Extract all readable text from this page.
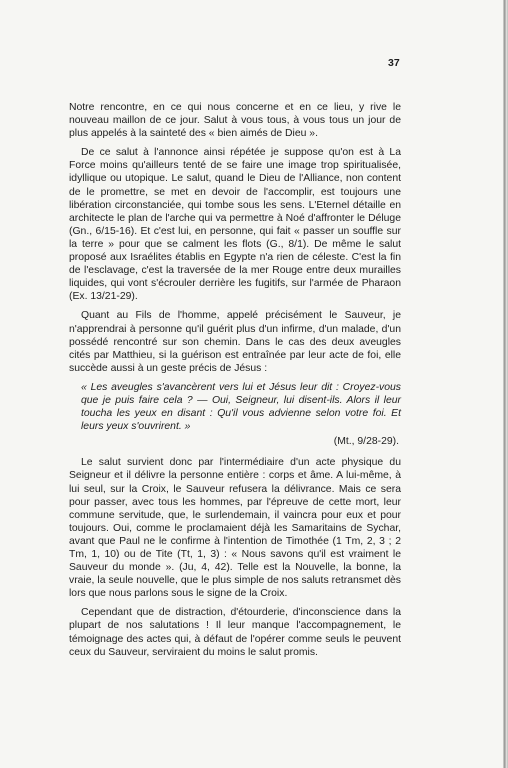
37

Notre rencontre, en ce qui nous concerne et en ce lieu, y rive le nouveau maillon de ce jour. Salut à vous tous, à vous tous un jour de plus appelés à la sainteté des « bien aimés de Dieu ».

De ce salut à l'annonce ainsi répétée je suppose qu'on est à La Force moins qu'ailleurs tenté de se faire une image trop spiritualisée, idyllique ou utopique. Le salut, quand le Dieu de l'Alliance, non content de le promettre, se met en devoir de l'accomplir, est toujours une libération circonstanciée, qui tombe sous les sens. L'Eternel détaille en architecte le plan de l'arche qui va permettre à Noé d'affronter le Déluge (Gn., 6/15-16). Et c'est lui, en personne, qui fait « passer un souffle sur la terre » pour que se calment les flots (G., 8/1). De même le salut proposé aux Israélites établis en Egypte n'a rien de céleste. C'est la fin de l'esclavage, c'est la traversée de la mer Rouge entre deux murailles liquides, qui vont s'écrouler derrière les fugitifs, sur l'armée de Pharaon (Ex. 13/21-29).

Quant au Fils de l'homme, appelé précisément le Sauveur, je n'apprendrai à personne qu'il guérit plus d'un infirme, d'un malade, d'un possédé rencontré sur son chemin. Dans le cas des deux aveugles cités par Matthieu, si la guérison est entraînée par leur acte de foi, elle succède aussi à un geste précis de Jésus :

« Les aveugles s'avancèrent vers lui et Jésus leur dit : Croyez-vous que je puis faire cela ? — Oui, Seigneur, lui disent-ils. Alors il leur toucha les yeux en disant : Qu'il vous advienne selon votre foi. Et leurs yeux s'ouvrirent. »
(Mt., 9/28-29).

Le salut survient donc par l'intermédiaire d'un acte physique du Seigneur et il délivre la personne entière : corps et âme. A lui-même, à lui seul, sur la Croix, le Sauveur refusera la délivrance. Mais ce sera pour passer, avec tous les hommes, par l'épreuve de cette mort, leur commune servitude, que, le surlendemain, il vaincra pour eux et pour toujours. Oui, comme le proclamaient déjà les Samaritains de Sychar, avant que Paul ne le confirme à l'intention de Timothée (1 Tm, 2, 3 ; 2 Tm, 1, 10) ou de Tite (Tt, 1, 3) : « Nous savons qu'il est vraiment le Sauveur du monde ». (Ju, 4, 42). Telle est la Nouvelle, la bonne, la vraie, la seule nouvelle, que le plus simple de nos saluts retransmet dès lors que nous parlons sous le signe de la Croix.

Cependant que de distraction, d'étourderie, d'inconscience dans la plupart de nos salutations ! Il leur manque l'accompagnement, le témoignage des actes qui, à défaut de l'opérer comme seuls le peuvent ceux du Sauveur, serviraient du moins le salut promis.
